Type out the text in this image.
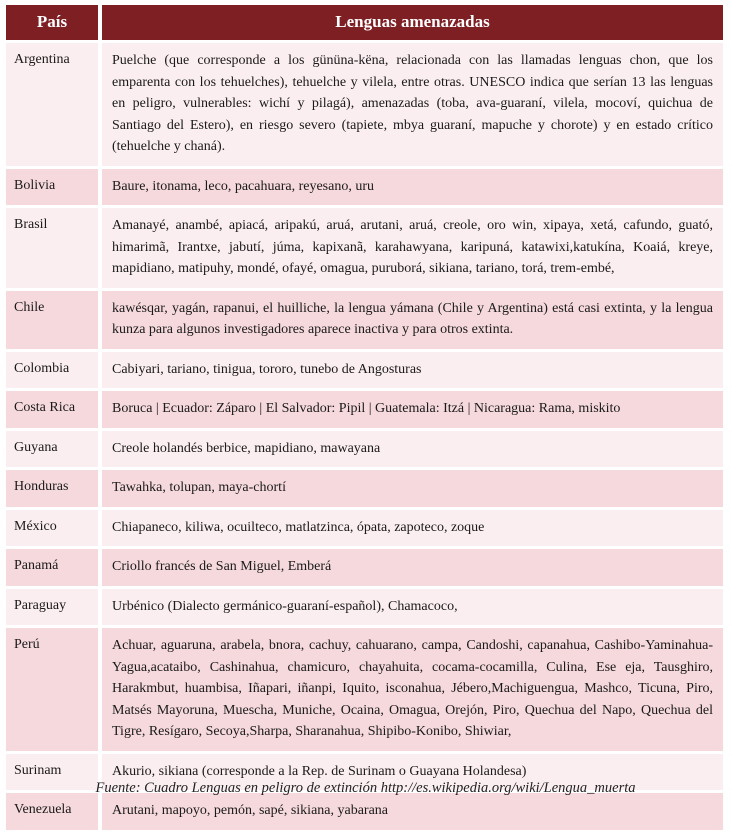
País	Lenguas amenazadas
Argentina	Puelche (que corresponde a los gününa-këna, relacionada con las llamadas lenguas chon, que los emparenta con los tehuelches), tehuelche y vilela, entre otras. UNESCO indica que serían 13 las lenguas en peligro, vulnerables: wichí y pilagá), amenazadas (toba, ava-guaraní, vilela, mocoví, quichua de Santiago del Estero), en riesgo severo (tapiete, mbya guaraní, mapuche y chorote) y en estado crítico (tehuelche y chaná).
Bolivia	Baure, itonama, leco, pacahuara, reyesano, uru
Brasil	Amanayé, anambé, apiacá, aripakú, aruá, arutani, aruá, creole, oro win, xipaya, xetá, cafundo, guató, himarimã, Irantxe, jabutí, júma, kapixanã, karahawyana, karipuná, katawixi,katukína, Koaiá, kreye, mapidiano, matipuhy, mondé, ofayé, omagua, puruborá, sikiana, tariano, torá, trem-embé,
Chile	kawésqar, yagán, rapanui, el huilliche, la lengua yámana (Chile y Argentina) está casi extinta, y la lengua kunza para algunos investigadores aparece inactiva y para otros extinta.
Colombia	Cabiyari, tariano, tinigua, tororo, tunebo de Angosturas
Costa Rica	Boruca | Ecuador: Záparo | El Salvador: Pipil | Guatemala: Itzá | Nicaragua: Rama, miskito
Guyana	Creole holandés berbice, mapidiano, mawayana
Honduras	Tawahka, tolupan, maya-chortí
México	Chiapaneco, kiliwa, ocuilteco, matlatzinca, ópata, zapoteco, zoque
Panamá	Criollo francés de San Miguel, Emberá
Paraguay	Urbénico (Dialecto germánico-guaraní-español), Chamacoco,
Perú	Achuar, aguaruna, arabela, bnora, cachuy, cahuarano, campa, Candoshi, capanahua, Cashibo-Yaminahua-Yagua,acataibo, Cashinahua, chamicuro, chayahuita, cocama-cocamilla, Culina, Ese eja, Tausghiro, Harakmbut, huambisa, Iñapari, iñanpi, Iquito, isconahua, Jébero,Machiguengua, Mashco, Ticuna, Piro, Matsés Mayoruna, Muescha, Muniche, Ocaina, Omagua, Orejón, Piro, Quechua del Napo, Quechua del Tigre, Resígaro, Secoya,Sharpa, Sharanahua, Shipibo-Konibo, Shiwiar,
Surinam	Akurio, sikiana (corresponde a la Rep. de Surinam o Guayana Holandesa)
Venezuela	Arutani, mapoyo, pemón, sapé, sikiana, yabarana
Fuente: Cuadro Lenguas en peligro de extinción http://es.wikipedia.org/wiki/Lengua_muerta
